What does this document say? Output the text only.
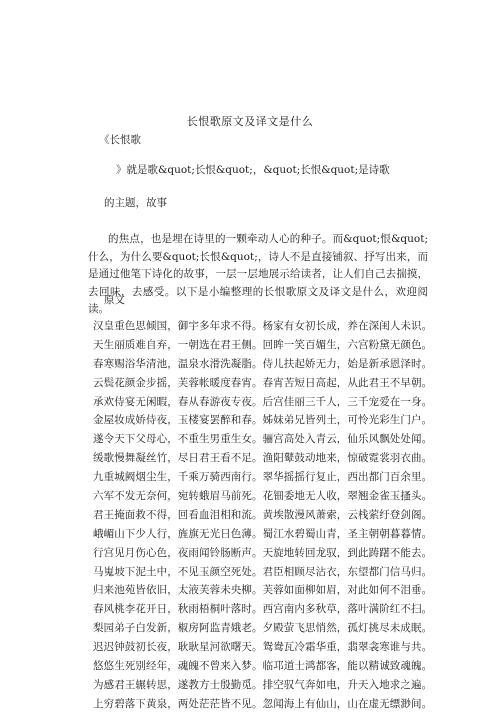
长恨歌原文及译文是什么
《长恨歌
》就是歌&quot;长恨&quot;，&quot;长恨&quot;是诗歌
的主题，故事
的焦点，也是埋在诗里的一颗牵动人心的种子。而&quot;恨&quot;什么，为什么要&quot;长恨&quot;，诗人不是直接铺叙、抒写出来，而是通过他笔下诗化的故事，一层一层地展示给读者，让人们自己去揣摸，去回味，去感受。以下是小编整理的长恨歌原文及译文是什么，欢迎阅读。
原文
汉皇重色思倾国，御宇多年求不得。杨家有女初长成，养在深闺人未识。
天生丽质难自弃，一朝选在君王侧。回眸一笑百媚生，六宫粉黛无颜色。
春寒赐浴华清池，温泉水滑洗凝脂。侍儿扶起娇无力，始是新承恩泽时。
云鬓花颜金步摇，芙蓉帐暖度春宵。春宵苦短日高起，从此君王不早朝。
承欢侍宴无闲暇，春从春游夜专夜。后宫佳丽三千人，三千宠爱在一身。
金屋妆成娇侍夜，玉楼宴罢醉和春。姊妹弟兄皆列土，可怜光彩生门户。
遂令天下父母心，不重生男重生女。骊宫高处入青云，仙乐风飘处处闻。
缓歌慢舞凝丝竹，尽日君王看不足。渔阳鼙鼓动地来，惊破霓裳羽衣曲。
九重城阙烟尘生，千乘万骑西南行。翠华摇摇行复止，西出都门百余里。
六军不发无奈何，宛转蛾眉马前死。花钿委地无人收，翠翘金雀玉搔头。
君王掩面救不得，回看血泪相和流。黄埃散漫风萧索，云栈萦纡登剑阁。
峨嵋山下少人行，旌旗无光日色薄。蜀江水碧蜀山青，圣主朝朝暮暮情。
行宫见月伤心色，夜雨闻铃肠断声。天旋地转回龙驭，到此踌躇不能去。
马嵬坡下泥土中，不见玉颜空死处。君臣相顾尽沾衣，东望都门信马归。
归来池苑皆依旧，太液芙蓉未央柳。芙蓉如面柳如眉，对此如何不泪垂。
春风桃李花开日，秋雨梧桐叶落时。西宫南内多秋草，落叶满阶红不扫。
梨园弟子白发新，椒房阿监青娥老。夕殿萤飞思悄然，孤灯挑尽未成眠。
迟迟钟鼓初长夜，耿耿星河欲曙天。鸳鸯瓦冷霜华重，翡翠衾寒谁与共。
悠悠生死别经年，魂魄不曾来入梦。临邛道士鸿都客，能以精诚致魂魄。
为感君王辗转思，遂教方士殷勤觅。排空驭气奔如电，升天入地求之遍。
上穷碧落下黄泉，两处茫茫皆不见。忽闻海上有仙山，山在虚无缥渺间。
